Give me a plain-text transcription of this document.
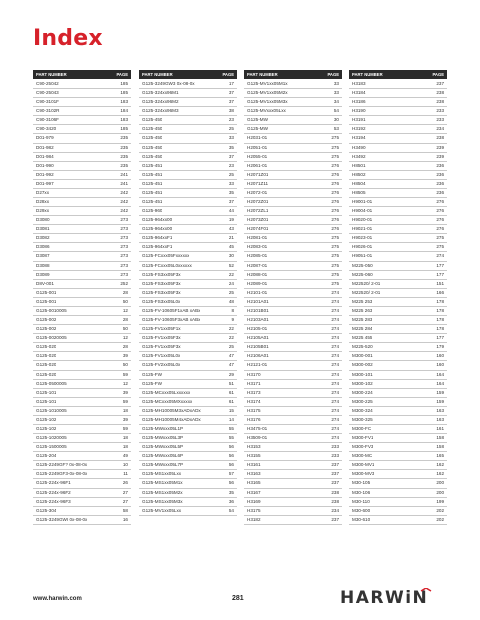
Index
PART NUMBER	PAGE
C90-25042	185
C90-25043	185
C90-3101F	183
C90-3102R	184
C90-3106F	183
C90-3420	185
D01-979	235
D01-982	235
D01-984	235
D01-990	235
D01-992	241
D01-997	241
D27xx	242
D28xx	242
D29xx	242
D3080	273
D3081	273
D3082	273
D3086	273
D3087	273
D3088	273
D3089	273
D8V-001	252
G125-001	28
G125-001	50
G125-0010005	12
G125-002	28
G125-002	50
G125-0020005	12
G125-020	28
G125-020	39
G125-020	50
G125-020	59
G125-0500005	12
G125-101	39
G125-101	59
G125-1010005	18
G125-102	39
G125-102	59
G125-1020005	18
G125-1500005	18
G125-204	49
G125-2249GF? 0x-08-0x	10
G125-2249GF3-0x-08-0x	11
G125-224x-96F1	26
G125-224x-96F2	27
G125-224x-96F3	27
G125-304	58
G125-3249GWI 0x-08-0x	16
PART NUMBER	PAGE
G125-3249GW3 0x-08-0x	17
G125-324xx96M1	37
G125-324xx96M2	37
G125-324xx96M3	38
G125-450	23
G125-450	25
G125-450	33
G125-450	35
G125-450	37
G125-451	23
G125-451	25
G125-451	33
G125-451	35
G125-451	37
G125-960	44
G125-964xx00	19
G125-964xx00	43
G125-964xxF1	21
G125-964xxF1	45
G125-FCxxx05Fxxxxxx	30
G125-FCxxx05L0xxxxxx	52
G125-FS3xx05F3x	22
G125-FS3xx05F3x	24
G125-FS3xx05F3x	25
G125-FS3xx05L0x	48
G125-FV-10605F1xAB xABx	8
G125-FV-10605F3xAB xABx	9
G125-FV1xx05F1x	22
G125-FV1xx05F3x	22
G125-FV1xx05F3x	25
G125-FV1xx05L0x	47
G125-FV2xx05L0x	47
G125-FW	29
G125-FW	51
G125-MCxxx05Lxxxxxx	61
G125-MCxxx05MXxxxxx	61
G125-MH10005M3xADxADx	15
G125-MH10005M4xADxADx	14
G125-MWxxx05L1P	55
G125-MWxxx05L3P	55
G125-MWxxx05L5P	56
G125-MWxxx05L6P	56
G125-MWxxx05L7P	56
G125-MS1xx05Lxx	57
G125-MS1xx05M1x	56
G125-MS1xx05M2x	35
G125-MS1xx05M3x	36
G125-MV1xx05Lxx	54
PART NUMBER	PAGE
G125-MV1xx05M1x	33
G125-MV1xx05M2x	33
G125-MV1xx05M3x	34
G125-MVxxx05Lxx	54
G125-MW	30
G125-MW	53
H2031-01	275
H2051-01	275
H2055-01	275
H2061-01	276
H2071Z01	276
H2071Z11	276
H2072-01	276
H2072Z01	276
H2072ZL1	276
H2073Z01	276
H2074F01	276
H2081-01	275
H2083-01	275
H2085-01	275
H2087-01	275
H2088-01	275
H2089-01	275
H2101-01	274
H2101A01	274
H2101B01	274
H2103A01	274
H2105-01	274
H2105A01	274
H2105B01	274
H2106A01	274
H2121-01	274
H3170	274
H3171	274
H3173	274
H3174	274
H3175	274
H3176	274
H3475-01	274
H3509-01	274
H3153	233
H3155	233
H3161	237
H3163	237
H3165	237
H3167	238
H3169	238
H3175	234
H3182	237
PART NUMBER	PAGE
H3183	237
H3184	238
H3186	238
H3190	233
H3191	233
H3192	234
H3194	238
H3490	239
H3492	239
H8501	236
H8502	236
H8504	236
H8505	236
H9001-01	276
H9004-01	276
H9020-01	276
H9021-01	276
H9023-01	275
H9026-01	275
H9051-01	274
M225-050	177
M225-060	177
M22520/ 2-01	151
M22520/ 2-01	166
M225 253	178
M225 263	178
M225 283	178
M225 284	178
M225 455	177
M225-520	179
M300-001	160
M300-002	160
M300-101	164
M300-102	164
M300-224	159
M300-225	159
M300-324	163
M300-325	163
M300-FC	161
M300-FV1	158
M300-FV3	158
M300-MC	165
M300-MV1	162
M300-MV3	162
M30-105	200
M30-106	200
M30-110	199
M30-600	202
M30-610	202
www.harwin.com	281	HARWiN
